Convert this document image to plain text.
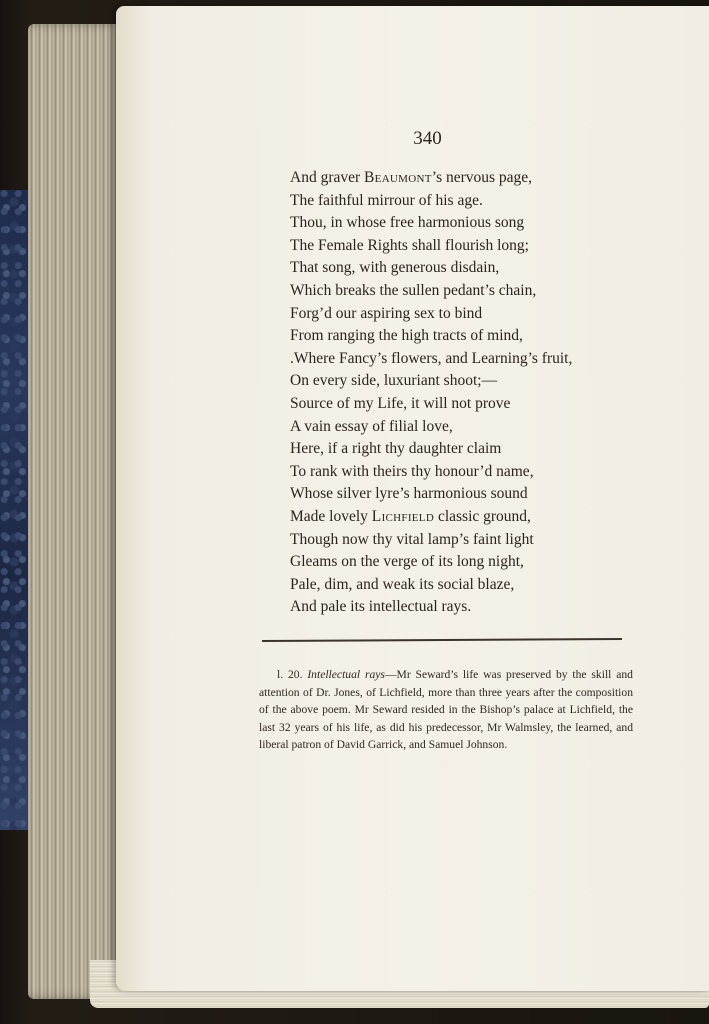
340

And graver Beaumont’s nervous page,
The faithful mirrour of his age.
Thou, in whose free harmonious song
The Female Rights shall flourish long;
That song, with generous disdain,
Which breaks the sullen pedant’s chain,
Forg’d our aspiring sex to bind
From ranging the high tracts of mind,
.Where Fancy’s flowers, and Learning’s fruit,
On every side, luxuriant shoot;—
Source of my Life, it will not prove
A vain essay of filial love,
Here, if a right thy daughter claim
To rank with theirs thy honour’d name,
Whose silver lyre’s harmonious sound
Made lovely Lichfield classic ground,
Though now thy vital lamp’s faint light
Gleams on the verge of its long night,
Pale, dim, and weak its social blaze,
And pale its intellectual rays.

l. 20. Intellectual rays—Mr Seward’s life was preserved by the skill and attention of Dr. Jones, of Lichfield, more than three years after the composition of the above poem. Mr Seward resided in the Bishop’s palace at Lichfield, the last 32 years of his life, as did his predecessor, Mr Walmsley, the learned, and liberal patron of David Garrick, and Samuel Johnson.
